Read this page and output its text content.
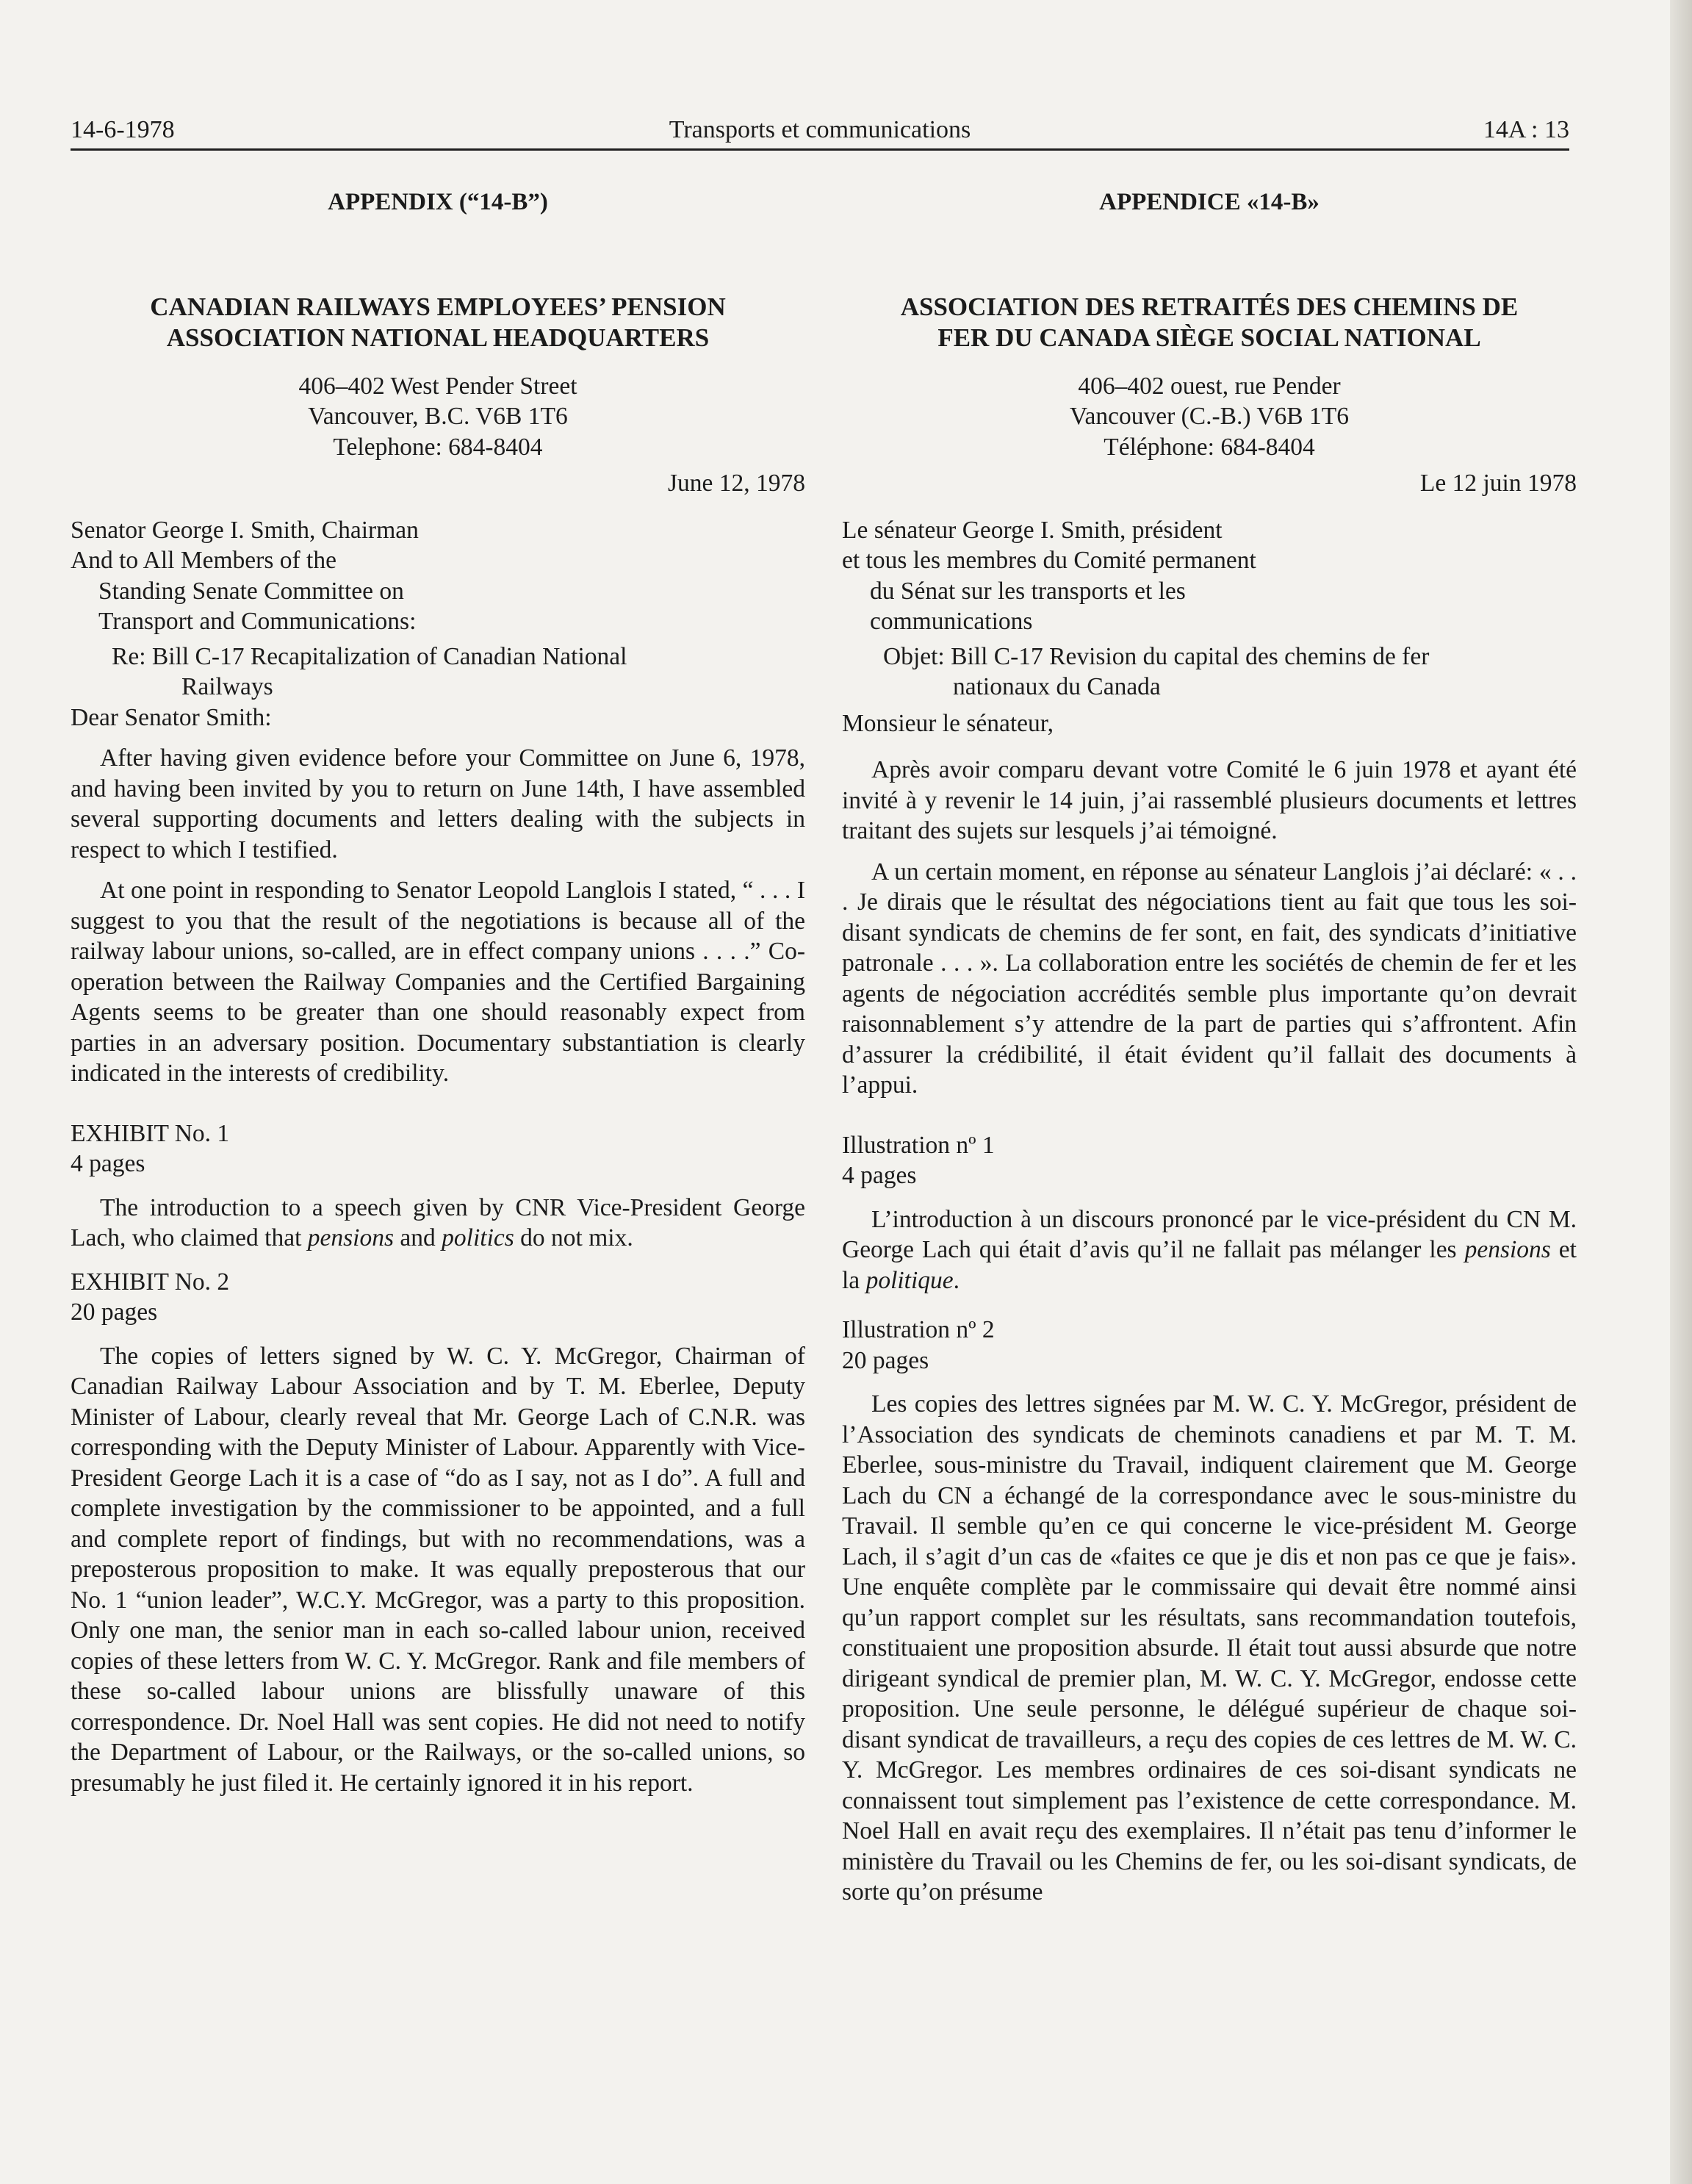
14-6-1978	Transports et communications	14A : 13

APPENDIX (“14-B”)

CANADIAN RAILWAYS EMPLOYEES’ PENSION
ASSOCIATION NATIONAL HEADQUARTERS
406–402 West Pender Street
Vancouver, B.C. V6B 1T6
Telephone: 684-8404
June 12, 1978

Senator George I. Smith, Chairman

And to All Members of the

Standing Senate Committee on

Transport and Communications:

Re: Bill C-17 Recapitalization of Canadian National
Railways

Dear Senator Smith:

After having given evidence before your Committee on June 6, 1978, and having been invited by you to return on June 14th, I have assembled several supporting documents and letters dealing with the subjects in respect to which I testified.

At one point in responding to Senator Leopold Langlois I stated, “ . . . I suggest to you that the result of the negotiations is because all of the railway labour unions, so-called, are in effect company unions . . . .” Co-operation between the Railway Companies and the Certified Bargaining Agents seems to be greater than one should reasonably expect from parties in an adversary position. Documentary substantiation is clearly indicated in the interests of credibility.

EXHIBIT No. 1

4 pages

The introduction to a speech given by CNR Vice-President George Lach, who claimed that pensions and politics do not mix.

EXHIBIT No. 2

20 pages

The copies of letters signed by W. C. Y. McGregor, Chairman of Canadian Railway Labour Association and by T. M. Eberlee, Deputy Minister of Labour, clearly reveal that Mr. George Lach of C.N.R. was corresponding with the Deputy Minister of Labour. Apparently with Vice-President George Lach it is a case of “do as I say, not as I do”. A full and complete investigation by the commissioner to be appointed, and a full and complete report of findings, but with no recommendations, was a preposterous proposition to make. It was equally preposterous that our No. 1 “union leader”, W.C.Y. McGregor, was a party to this proposition. Only one man, the senior man in each so-called labour union, received copies of these letters from W. C. Y. McGregor. Rank and file members of these so-called labour unions are blissfully unaware of this correspondence. Dr. Noel Hall was sent copies. He did not need to notify the Department of Labour, or the Railways, or the so-called unions, so presumably he just filed it. He certainly ignored it in his report.

APPENDICE «14-B»

ASSOCIATION DES RETRAITÉS DES CHEMINS DE
FER DU CANADA SIÈGE SOCIAL NATIONAL
406–402 ouest, rue Pender
Vancouver (C.-B.) V6B 1T6
Téléphone: 684-8404
Le 12 juin 1978

Le sénateur George I. Smith, président

et tous les membres du Comité permanent

du Sénat sur les transports et les

communications

Objet: Bill C-17 Revision du capital des chemins de fer
nationaux du Canada

Monsieur le sénateur,

Après avoir comparu devant votre Comité le 6 juin 1978 et ayant été invité à y revenir le 14 juin, j’ai rassemblé plusieurs documents et lettres traitant des sujets sur lesquels j’ai témoigné.

A un certain moment, en réponse au sénateur Langlois j’ai déclaré: « . . . Je dirais que le résultat des négociations tient au fait que tous les soi-disant syndicats de chemins de fer sont, en fait, des syndicats d’initiative patronale . . . ». La collaboration entre les sociétés de chemin de fer et les agents de négociation accrédités semble plus importante qu’on devrait raisonnablement s’y attendre de la part de parties qui s’affrontent. Afin d’assurer la crédibilité, il était évident qu’il fallait des documents à l’appui.

Illustration nº 1

4 pages

L’introduction à un discours prononcé par le vice-président du CN M. George Lach qui était d’avis qu’il ne fallait pas mélanger les pensions et la politique.

Illustration nº 2

20 pages

Les copies des lettres signées par M. W. C. Y. McGregor, président de l’Association des syndicats de cheminots canadiens et par M. T. M. Eberlee, sous-ministre du Travail, indiquent clairement que M. George Lach du CN a échangé de la correspondance avec le sous-ministre du Travail. Il semble qu’en ce qui concerne le vice-président M. George Lach, il s’agit d’un cas de «faites ce que je dis et non pas ce que je fais». Une enquête complète par le commissaire qui devait être nommé ainsi qu’un rapport complet sur les résultats, sans recommandation toutefois, constituaient une proposition absurde. Il était tout aussi absurde que notre dirigeant syndical de premier plan, M. W. C. Y. McGregor, endosse cette proposition. Une seule personne, le délégué supérieur de chaque soi-disant syndicat de travailleurs, a reçu des copies de ces lettres de M. W. C. Y. McGregor. Les membres ordinaires de ces soi-disant syndicats ne connaissent tout simplement pas l’existence de cette correspondance. M. Noel Hall en avait reçu des exemplaires. Il n’était pas tenu d’informer le ministère du Travail ou les Chemins de fer, ou les soi-disant syndicats, de sorte qu’on présume
